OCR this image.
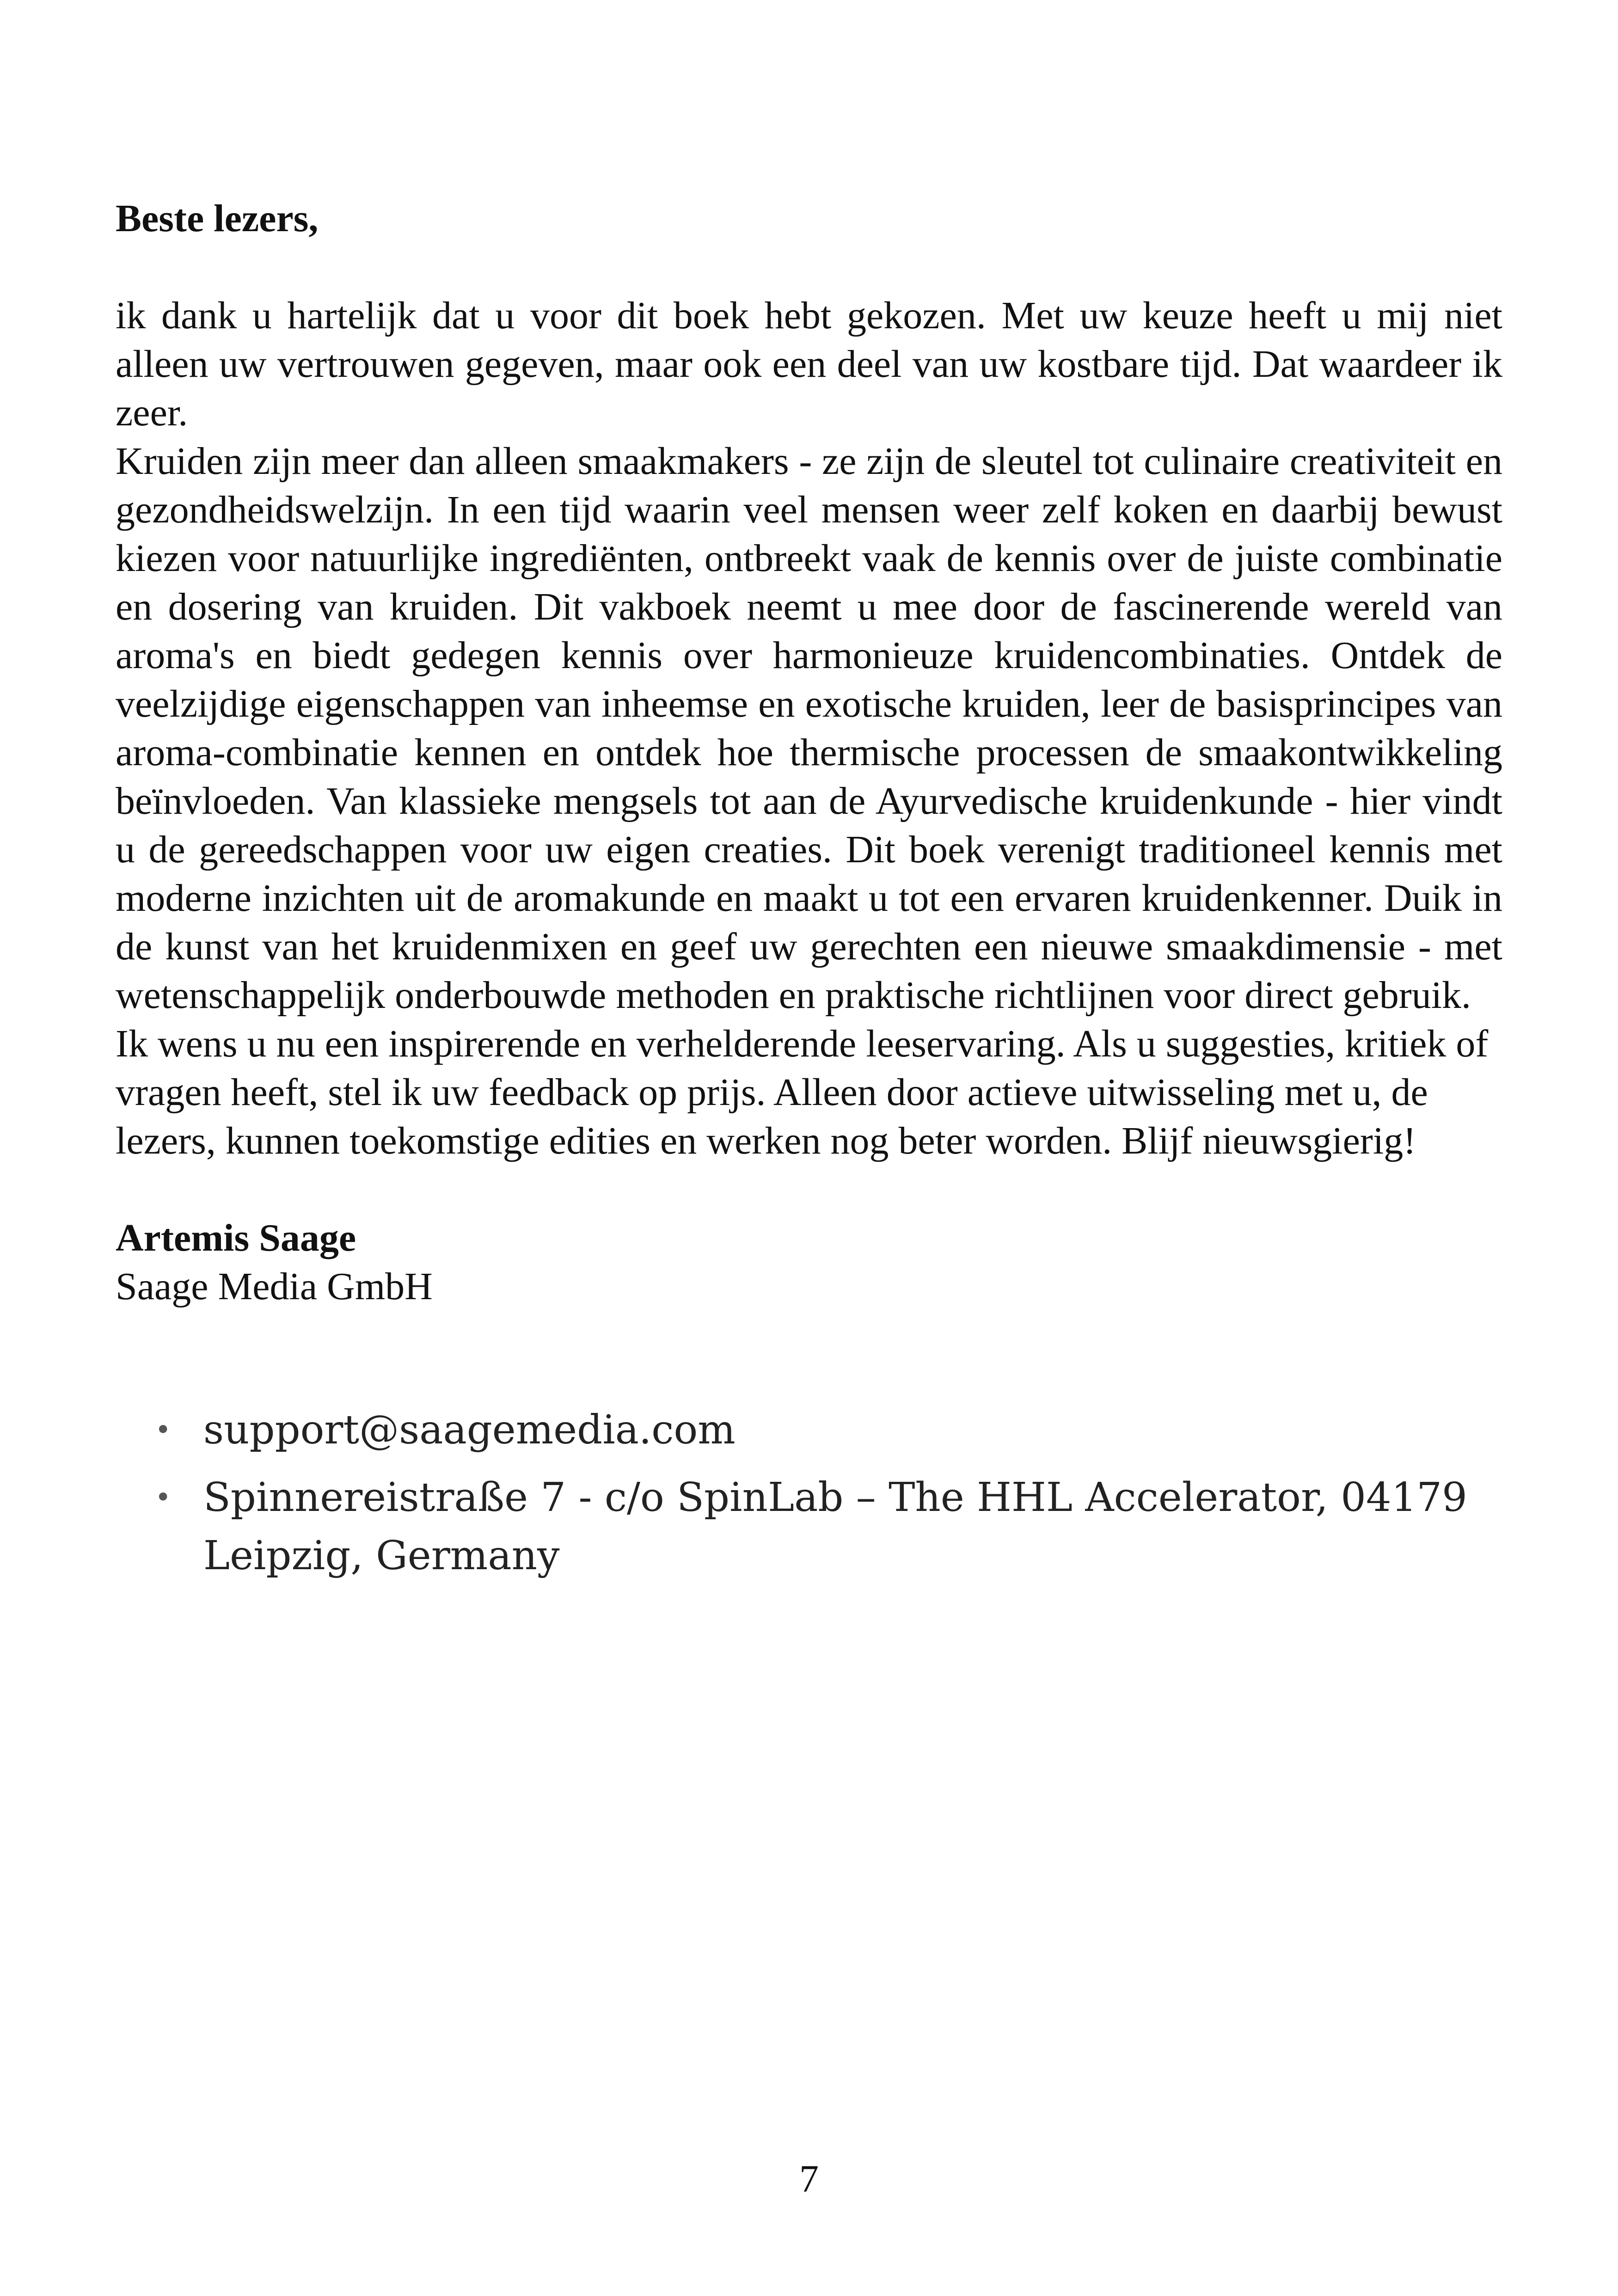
Beste lezers,

ik dank u hartelijk dat u voor dit boek hebt gekozen. Met uw keuze heeft u mij niet alleen uw vertrouwen gegeven, maar ook een deel van uw kostbare tijd. Dat waardeer ik zeer.

Kruiden zijn meer dan alleen smaakmakers - ze zijn de sleutel tot culinaire creativiteit en gezondheidswelzijn. In een tijd waarin veel mensen weer zelf koken en daarbij bewust kiezen voor natuurlijke ingrediënten, ontbreekt vaak de kennis over de juiste combinatie en dosering van kruiden. Dit vakboek neemt u mee door de fascinerende wereld van aroma's en biedt gedegen kennis over harmonieuze kruidencombinaties. Ontdek de veelzijdige eigenschappen van inheemse en exotische kruiden, leer de basisprincipes van aroma-combinatie kennen en ontdek hoe thermische processen de smaakontwikkeling beïnvloeden. Van klassieke mengsels tot aan de Ayurvedische kruidenkunde - hier vindt u de gereedschappen voor uw eigen creaties. Dit boek verenigt traditioneel kennis met moderne inzichten uit de aromakunde en maakt u tot een ervaren kruidenkenner. Duik in de kunst van het kruidenmixen en geef uw gerechten een nieuwe smaakdimensie - met wetenschappelijk onderbouwde methoden en praktische richtlijnen voor direct gebruik.

Ik wens u nu een inspirerende en verhelderende leeservaring. Als u suggesties, kritiek of vragen heeft, stel ik uw feedback op prijs. Alleen door actieve uitwisseling met u, de lezers, kunnen toekomstige edities en werken nog beter worden. Blijf nieuwsgierig!

Artemis Saage

Saage Media GmbH

• support@saagemedia.com
• Spinnereistraße 7 - c/o SpinLab – The HHL Accelerator, 04179 Leipzig, Germany
7
